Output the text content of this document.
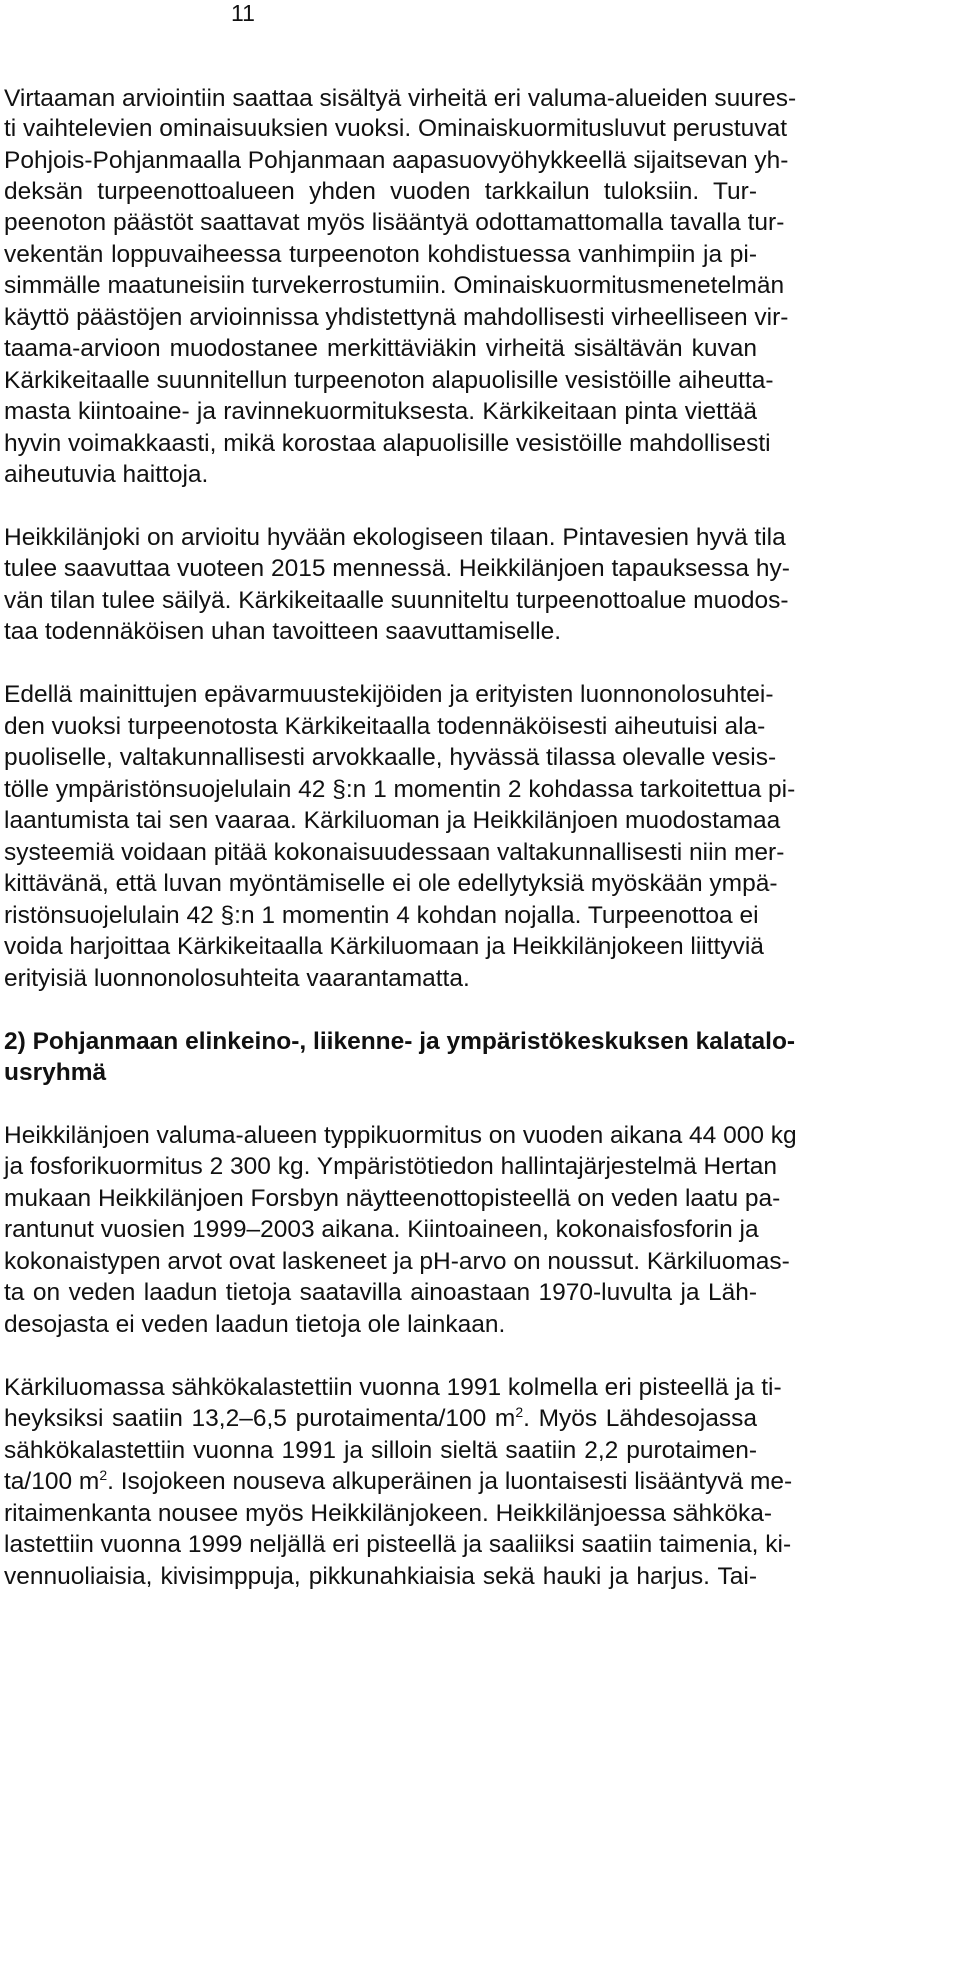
11
Virtaaman arviointiin saattaa sisältyä virheitä eri valuma-alueiden suures-
ti vaihtelevien ominaisuuksien vuoksi. Ominaiskuormitusluvut perustuvat
Pohjois-Pohjanmaalla Pohjanmaan aapasuovyöhykkeellä sijaitsevan yh-
deksän turpeenottoalueen yhden vuoden tarkkailun tuloksiin. Tur-
peenoton päästöt saattavat myös lisääntyä odottamattomalla tavalla tur-
vekentän loppuvaiheessa turpeenoton kohdistuessa vanhimpiin ja pi-
simmälle maatuneisiin turvekerrostumiin. Ominaiskuormitusmenetelmän
käyttö päästöjen arvioinnissa yhdistettynä mahdollisesti virheelliseen vir-
taama-arvioon muodostanee merkittäviäkin virheitä sisältävän kuvan
Kärkikeitaalle suunnitellun turpeenoton alapuolisille vesistöille aiheutta-
masta kiintoaine- ja ravinnekuormituksesta. Kärkikeitaan pinta viettää
hyvin voimakkaasti, mikä korostaa alapuolisille vesistöille mahdollisesti
aiheutuvia haittoja.
Heikkilänjoki on arvioitu hyvään ekologiseen tilaan. Pintavesien hyvä tila
tulee saavuttaa vuoteen 2015 mennessä. Heikkilänjoen tapauksessa hy-
vän tilan tulee säilyä. Kärkikeitaalle suunniteltu turpeenottoalue muodos-
taa todennäköisen uhan tavoitteen saavuttamiselle.
Edellä mainittujen epävarmuustekijöiden ja erityisten luonnonolosuhtei-
den vuoksi turpeenotosta Kärkikeitaalla todennäköisesti aiheutuisi ala-
puoliselle, valtakunnallisesti arvokkaalle, hyvässä tilassa olevalle vesis-
tölle ympäristönsuojelulain 42 §:n 1 momentin 2 kohdassa tarkoitettua pi-
laantumista tai sen vaaraa. Kärkiluoman ja Heikkilänjoen muodostamaa
systeemiä voidaan pitää kokonaisuudessaan valtakunnallisesti niin mer-
kittävänä, että luvan myöntämiselle ei ole edellytyksiä myöskään ympä-
ristönsuojelulain 42 §:n 1 momentin 4 kohdan nojalla. Turpeenottoa ei
voida harjoittaa Kärkikeitaalla Kärkiluomaan ja Heikkilänjokeen liittyviä
erityisiä luonnonolosuhteita vaarantamatta.
2) Pohjanmaan elinkeino-, liikenne- ja ympäristökeskuksen kalatalo-
usryhmä
Heikkilänjoen valuma-alueen typpikuormitus on vuoden aikana 44 000 kg
ja fosforikuormitus 2 300 kg. Ympäristötiedon hallintajärjestelmä Hertan
mukaan Heikkilänjoen Forsbyn näytteenottopisteellä on veden laatu pa-
rantunut vuosien 1999–2003 aikana. Kiintoaineen, kokonaisfosforin ja
kokonaistypen arvot ovat laskeneet ja pH-arvo on noussut. Kärkiluomas-
ta on veden laadun tietoja saatavilla ainoastaan 1970-luvulta ja Läh-
desojasta ei veden laadun tietoja ole lainkaan.
Kärkiluomassa sähkökalastettiin vuonna 1991 kolmella eri pisteellä ja ti-
heyksiksi saatiin 13,2–6,5 purotaimenta/100 $m^2$. Myös Lähdesojassa
sähkökalastettiin vuonna 1991 ja silloin sieltä saatiin 2,2 purotaimen-
ta/100 $m^2$. Isojokeen nouseva alkuperäinen ja luontaisesti lisääntyvä me-
ritaimenkanta nousee myös Heikkilänjokeen. Heikkilänjoessa sähkökа-
lastettiin vuonna 1999 neljällä eri pisteellä ja saaliiksi saatiin taimenia, ki-
vennuoliaisia, kivisimppuja, pikkunahkiaisia sekä hauki ja harjus. Tai-
